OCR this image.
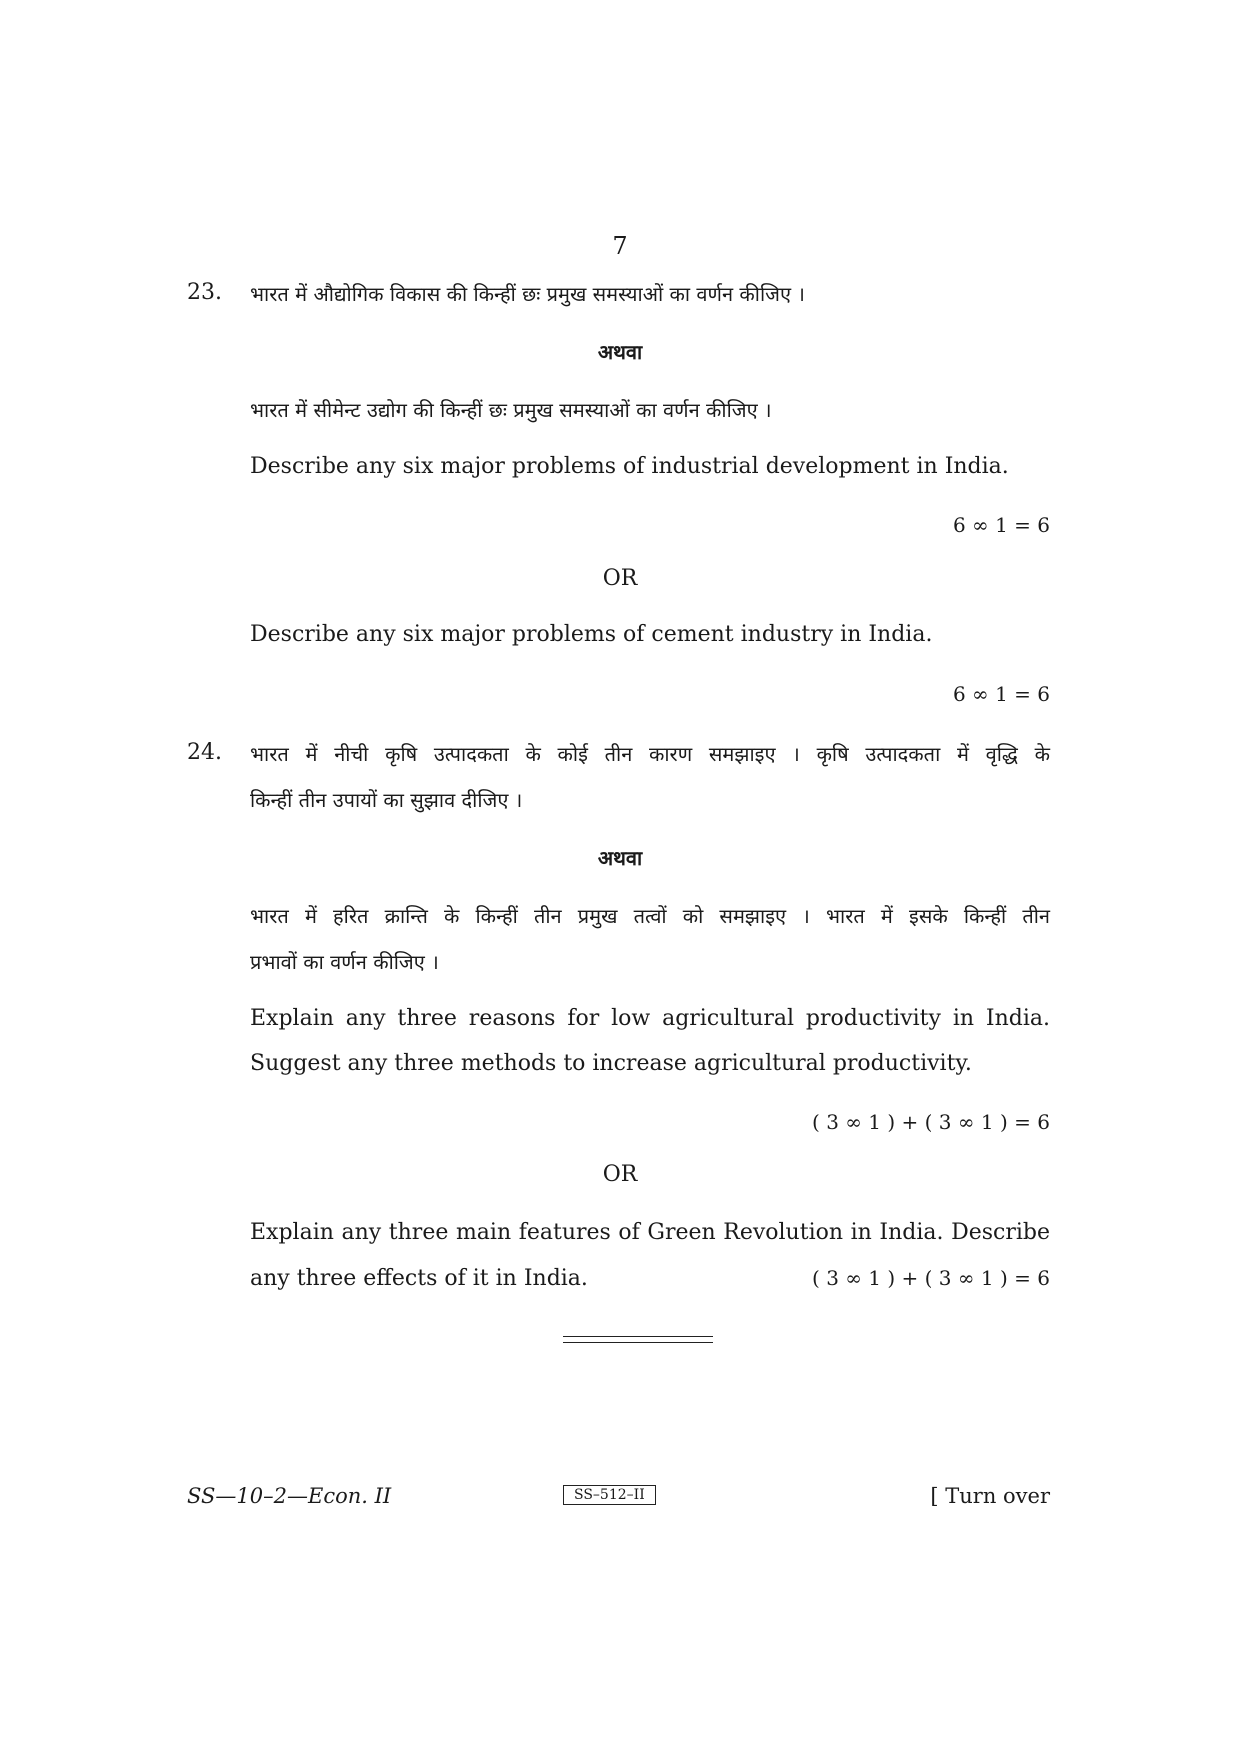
7
23. भारत में औद्योगिक विकास की किन्हीं छः प्रमुख समस्याओं का वर्णन कीजिए ।
अथवा
भारत में सीमेन्ट उद्योग की किन्हीं छः प्रमुख समस्याओं का वर्णन कीजिए ।
Describe any six major problems of industrial development in India.
6 ∞ 1 = 6
OR
Describe any six major problems of cement industry in India.
6 ∞ 1 = 6
24. भारत में नीची कृषि उत्पादकता के कोई तीन कारण समझाइए । कृषि उत्पादकता में वृद्धि के
किन्हीं तीन उपायों का सुझाव दीजिए ।
अथवा
भारत में हरित क्रान्ति के किन्हीं तीन प्रमुख तत्वों को समझाइए । भारत में इसके किन्हीं तीन
प्रभावों का वर्णन कीजिए ।
Explain any three reasons for low agricultural productivity in India.
Suggest any three methods to increase agricultural productivity.
( 3 ∞ 1 ) + ( 3 ∞ 1 ) = 6
OR
Explain any three main features of Green Revolution in India. Describe
any three effects of it in India.	( 3 ∞ 1 ) + ( 3 ∞ 1 ) = 6
SS—10–2—Econ. II	SS–512–II	[ Turn over
